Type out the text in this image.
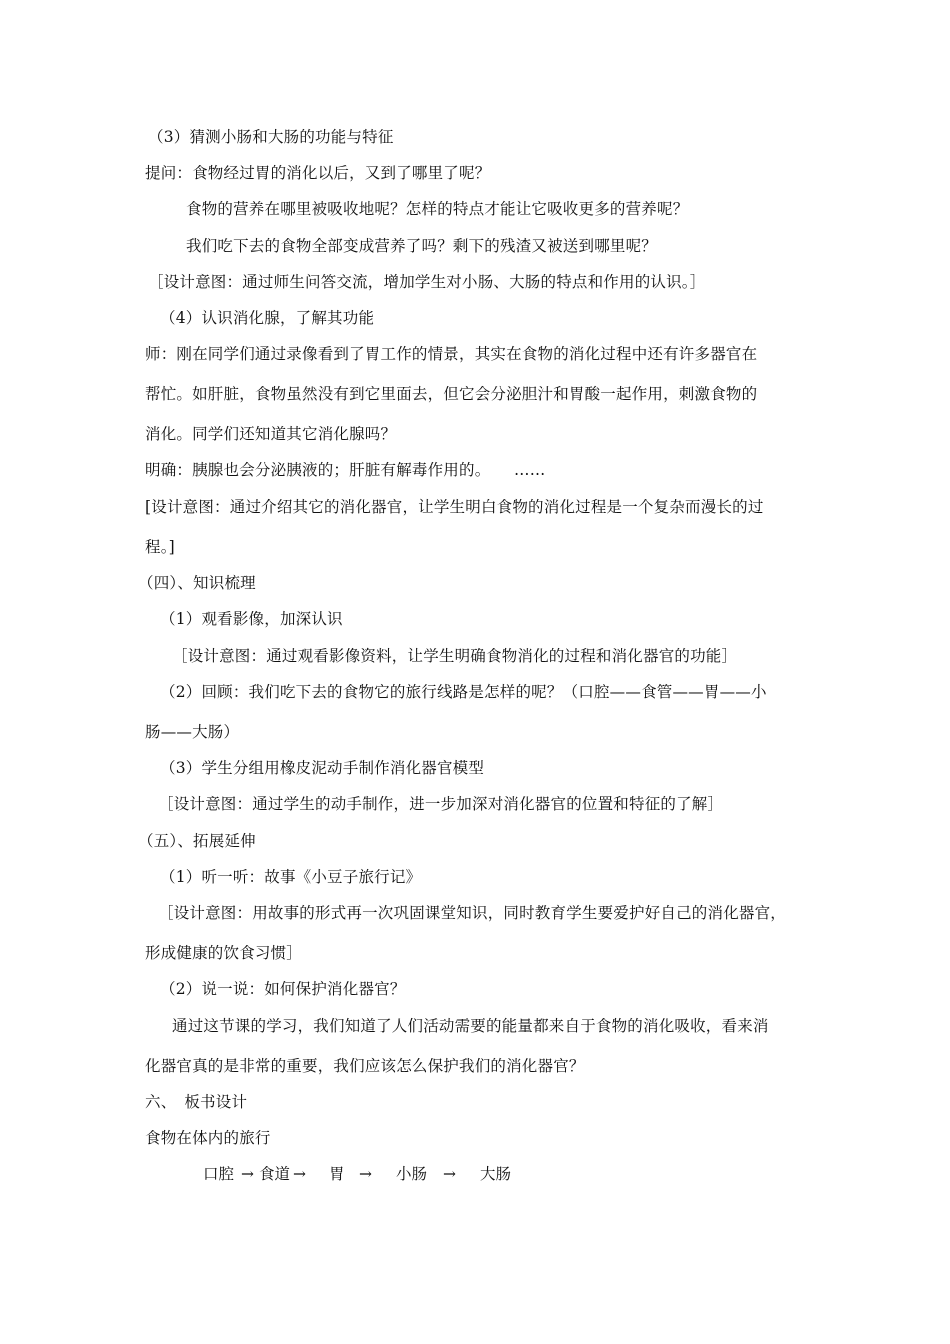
（3）猜测小肠和大肠的功能与特征
提问：食物经过胃的消化以后，又到了哪里了呢？
食物的营养在哪里被吸收地呢？怎样的特点才能让它吸收更多的营养呢？
我们吃下去的食物全部变成营养了吗？剩下的残渣又被送到哪里呢？
［设计意图：通过师生问答交流，增加学生对小肠、大肠的特点和作用的认识。］
（4）认识消化腺，了解其功能
师：刚在同学们通过录像看到了胃工作的情景，其实在食物的消化过程中还有许多器官在
帮忙。如肝脏，食物虽然没有到它里面去，但它会分泌胆汁和胃酸一起作用，刺激食物的
消化。同学们还知道其它消化腺吗？
明确：胰腺也会分泌胰液的；肝脏有解毒作用的。　　……
[设计意图：通过介绍其它的消化器官，让学生明白食物的消化过程是一个复杂而漫长的过
程。]
（四）、知识梳理
（1）观看影像，加深认识
［设计意图：通过观看影像资料，让学生明确食物消化的过程和消化器官的功能］
（2）回顾：我们吃下去的食物它的旅行线路是怎样的呢？（口腔——食管——胃——小
肠——大肠）
（3）学生分组用橡皮泥动手制作消化器官模型
［设计意图：通过学生的动手制作，进一步加深对消化器官的位置和特征的了解］
（五）、拓展延伸
（1）听一听：故事《小豆子旅行记》
［设计意图：用故事的形式再一次巩固课堂知识，同时教育学生要爱护好自己的消化器官，
形成健康的饮食习惯］
（2）说一说：如何保护消化器官？
通过这节课的学习，我们知道了人们活动需要的能量都来自于食物的消化吸收，看来消
化器官真的是非常的重要，我们应该怎么保护我们的消化器官？
六、　板书设计
食物在体内的旅行
口腔 → 食道 → 胃 → 小肠 → 大肠
